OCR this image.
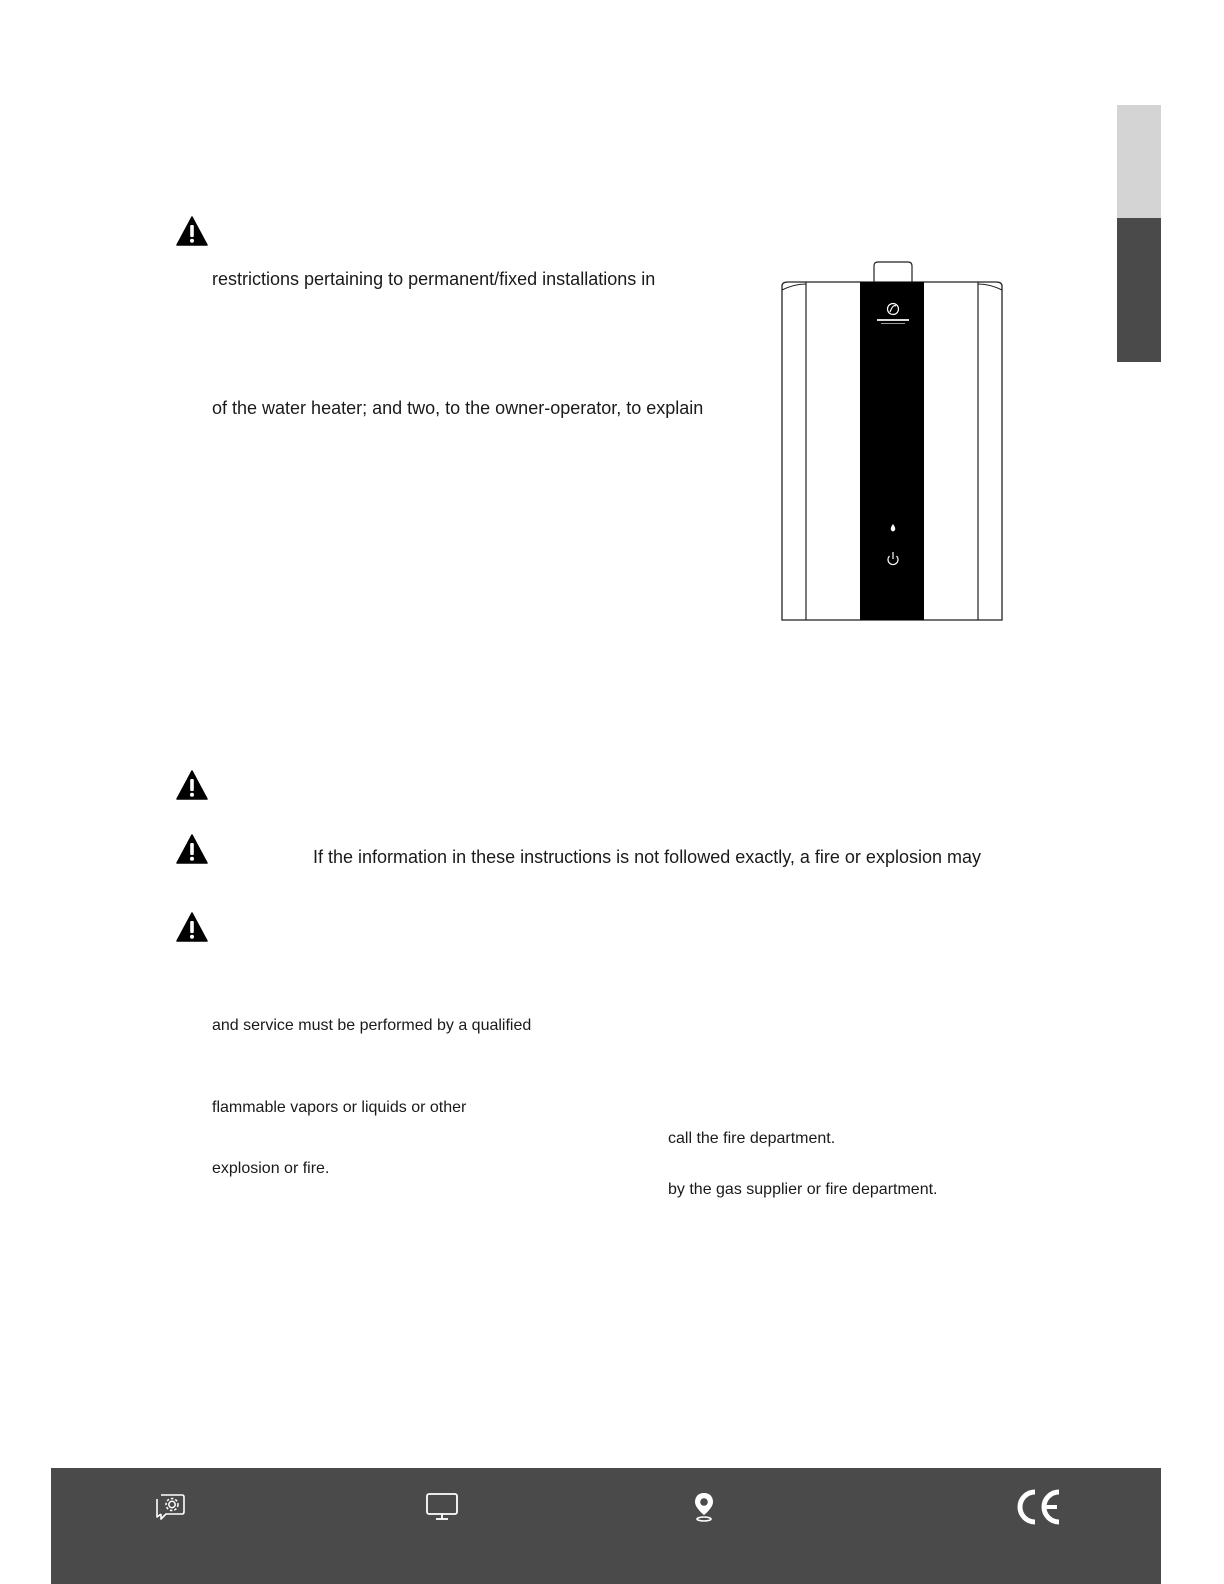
restrictions pertaining to permanent/fixed installations in
of the water heater; and two, to the owner-operator, to explain
If the information in these instructions is not followed exactly, a fire or explosion may
and service must be performed by a qualified
flammable vapors or liquids or other
explosion or fire.
call the fire department.
by the gas supplier or fire department.
